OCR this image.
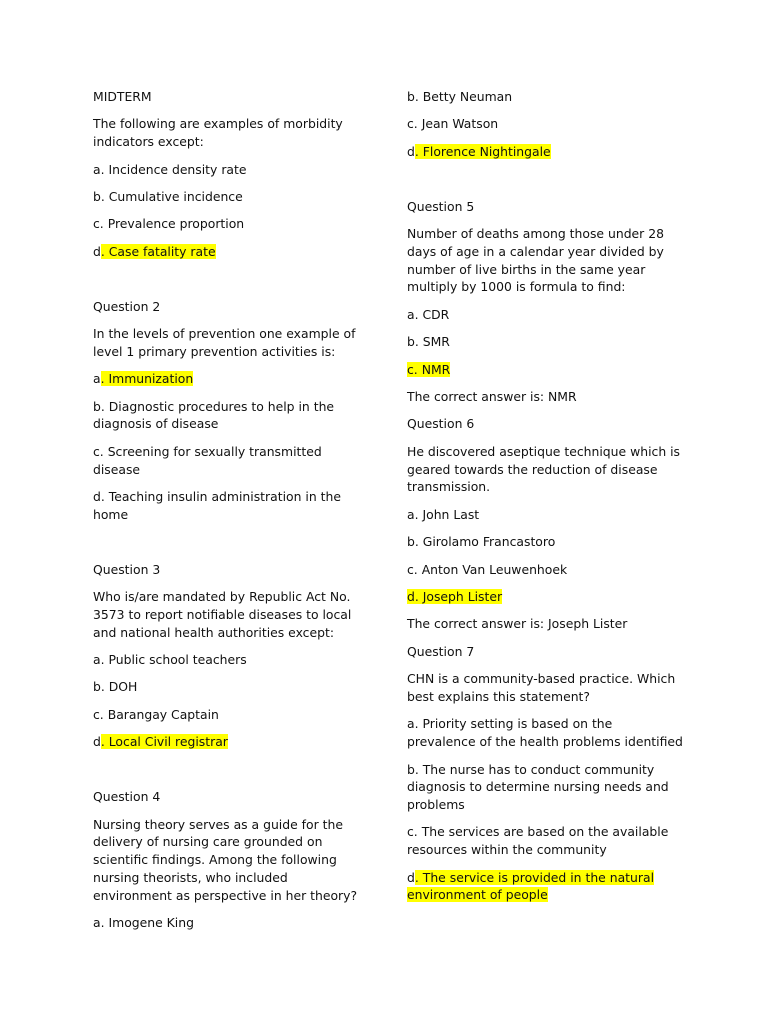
MIDTERM

The following are examples of morbidity indicators except:

a. Incidence density rate

b. Cumulative incidence

c. Prevalence proportion

d. Case fatality rate

Question 2

In the levels of prevention one example of level 1 primary prevention activities is:

a. Immunization

b. Diagnostic procedures to help in the diagnosis of disease

c. Screening for sexually transmitted disease

d. Teaching insulin administration in the home

Question 3

Who is/are mandated by Republic Act No. 3573 to report notifiable diseases to local and national health authorities except:

a. Public school teachers

b. DOH

c. Barangay Captain

d. Local Civil registrar

Question 4

Nursing theory serves as a guide for the delivery of nursing care grounded on scientific findings. Among the following nursing theorists, who included environment as perspective in her theory?

a. Imogene King

b. Betty Neuman

c. Jean Watson

d. Florence Nightingale

Question 5

Number of deaths among those under 28 days of age in a calendar year divided by number of live births in the same year multiply by 1000 is formula to find:

a. CDR

b. SMR

c. NMR

The correct answer is: NMR

Question 6

He discovered aseptique technique which is geared towards the reduction of disease transmission.

a. John Last

b. Girolamo Francastoro

c. Anton Van Leuwenhoek

d. Joseph Lister

The correct answer is: Joseph Lister

Question 7

CHN is a community-based practice. Which best explains this statement?

a. Priority setting is based on the prevalence of the health problems identified

b. The nurse has to conduct community diagnosis to determine nursing needs and problems

c. The services are based on the available resources within the community

d. The service is provided in the natural environment of people
